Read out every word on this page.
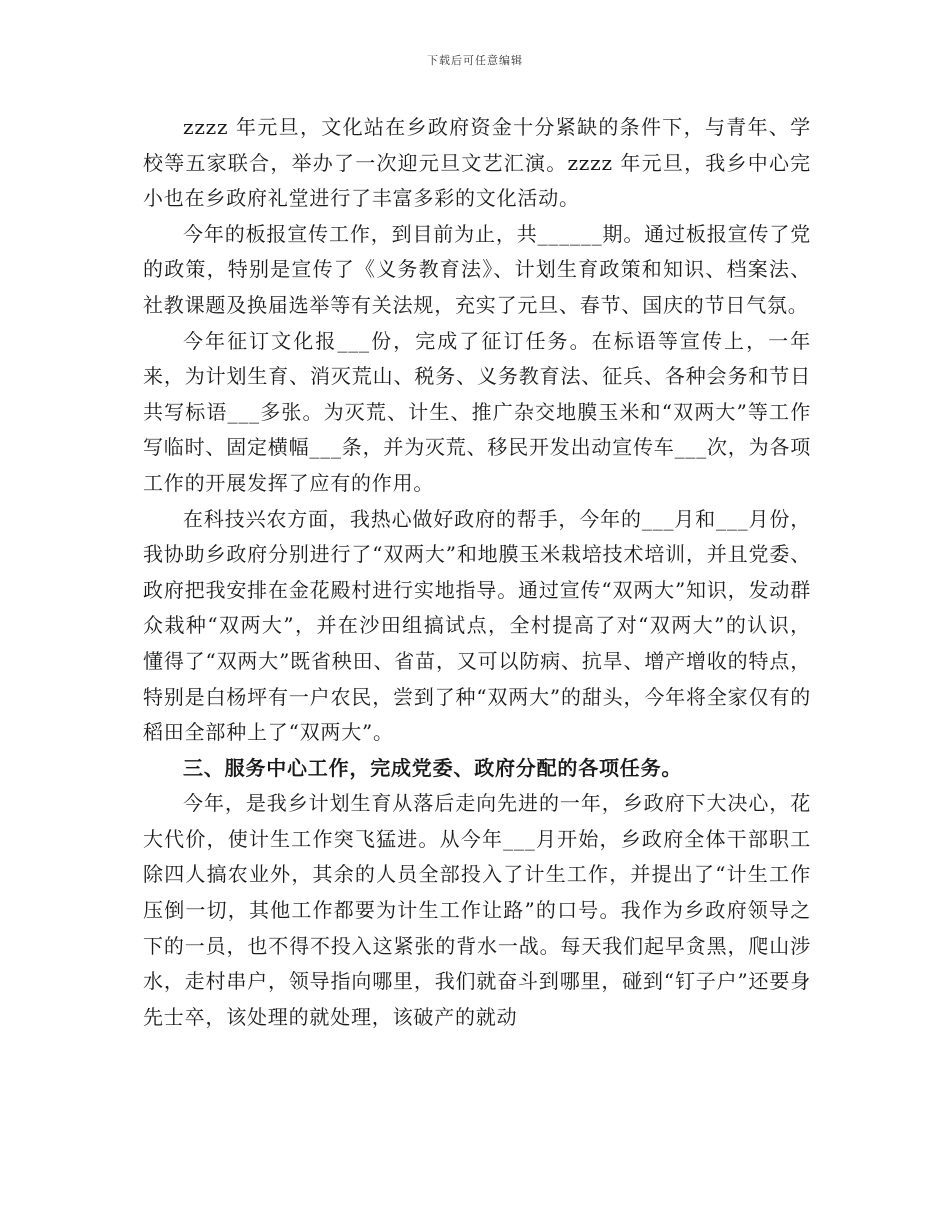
下载后可任意编辑

zzzz 年元旦，文化站在乡政府资金十分紧缺的条件下，与青年、学校等五家联合，举办了一次迎元旦文艺汇演。zzzz 年元旦，我乡中心完小也在乡政府礼堂进行了丰富多彩的文化活动。

今年的板报宣传工作，到目前为止，共______期。通过板报宣传了党的政策，特别是宣传了《义务教育法》、计划生育政策和知识、档案法、社教课题及换届选举等有关法规，充实了元旦、春节、国庆的节日气氛。

今年征订文化报___份，完成了征订任务。在标语等宣传上，一年来，为计划生育、消灭荒山、税务、义务教育法、征兵、各种会务和节日共写标语___多张。为灭荒、计生、推广杂交地膜玉米和“双两大”等工作写临时、固定横幅___条，并为灭荒、移民开发出动宣传车___次，为各项工作的开展发挥了应有的作用。

在科技兴农方面，我热心做好政府的帮手，今年的___月和___月份，我协助乡政府分别进行了“双两大”和地膜玉米栽培技术培训，并且党委、政府把我安排在金花殿村进行实地指导。通过宣传“双两大”知识，发动群众栽种“双两大”，并在沙田组搞试点，全村提高了对“双两大”的认识，懂得了“双两大”既省秧田、省苗，又可以防病、抗旱、增产增收的特点，特别是白杨坪有一户农民，尝到了种“双两大”的甜头，今年将全家仅有的稻田全部种上了“双两大”。

三、服务中心工作，完成党委、政府分配的各项任务。

今年，是我乡计划生育从落后走向先进的一年，乡政府下大决心，花大代价，使计生工作突飞猛进。从今年___月开始，乡政府全体干部职工除四人搞农业外，其余的人员全部投入了计生工作，并提出了“计生工作压倒一切，其他工作都要为计生工作让路”的口号。我作为乡政府领导之下的一员，也不得不投入这紧张的背水一战。每天我们起早贪黑，爬山涉水，走村串户，领导指向哪里，我们就奋斗到哪里，碰到“钉子户”还要身先士卒，该处理的就处理，该破产的就动
